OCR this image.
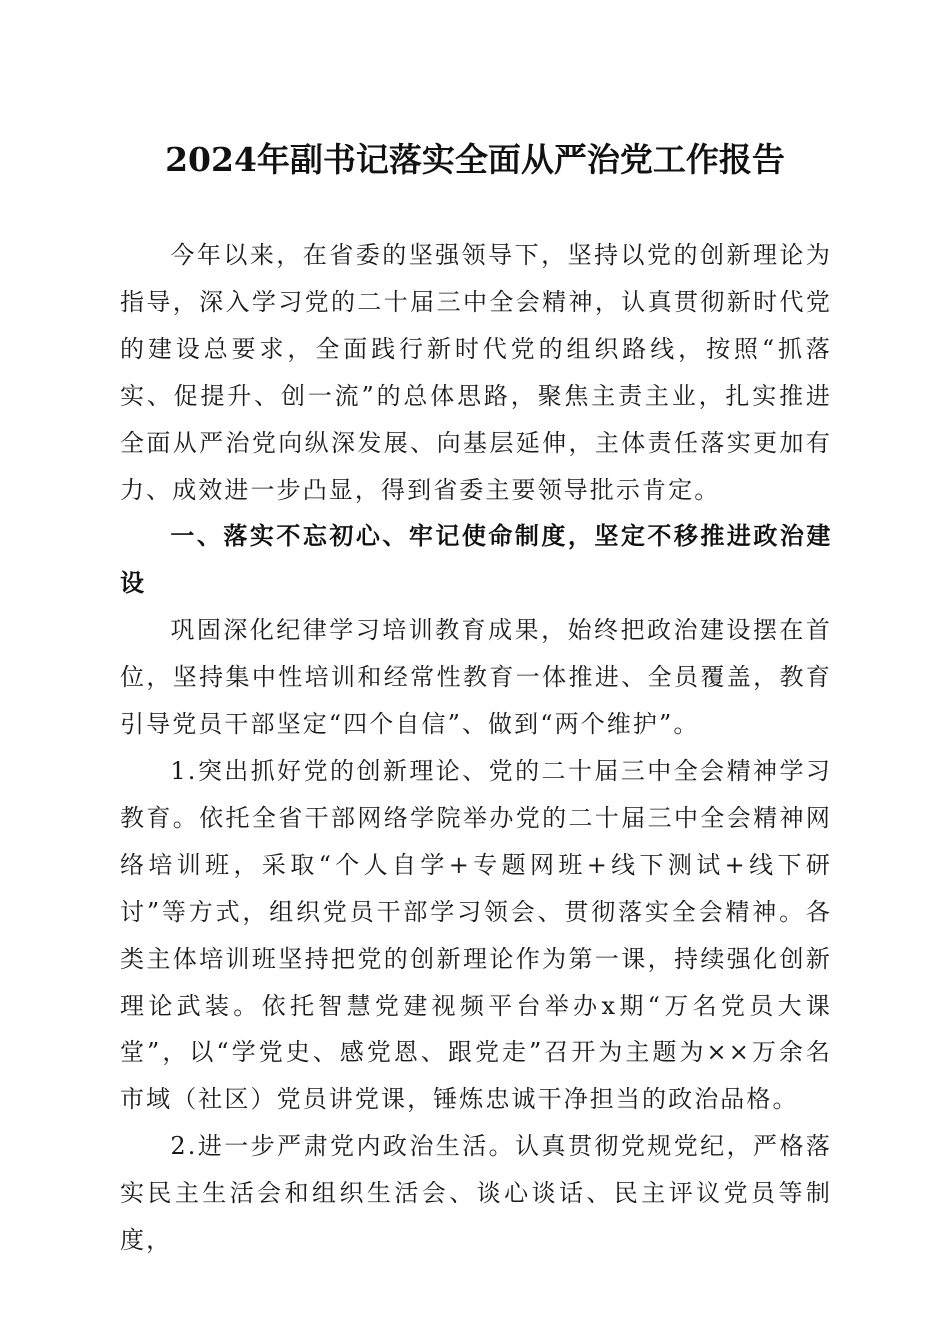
2024年副书记落实全面从严治党工作报告

今年以来，在省委的坚强领导下，坚持以党的创新理论为指导，深入学习党的二十届三中全会精神，认真贯彻新时代党的建设总要求，全面践行新时代党的组织路线，按照“抓落实、促提升、创一流”的总体思路，聚焦主责主业，扎实推进全面从严治党向纵深发展、向基层延伸，主体责任落实更加有力、成效进一步凸显，得到省委主要领导批示肯定。

一、落实不忘初心、牢记使命制度，坚定不移推进政治建设

巩固深化纪律学习培训教育成果，始终把政治建设摆在首位，坚持集中性培训和经常性教育一体推进、全员覆盖，教育引导党员干部坚定“四个自信”、做到“两个维护”。

1.突出抓好党的创新理论、党的二十届三中全会精神学习教育。依托全省干部网络学院举办党的二十届三中全会精神网络培训班，采取“个人自学+专题网班+线下测试+线下研讨”等方式，组织党员干部学习领会、贯彻落实全会精神。各类主体培训班坚持把党的创新理论作为第一课，持续强化创新理论武装。依托智慧党建视频平台举办x期“万名党员大课堂”，以“学党史、感党恩、跟党走”召开为主题为××万余名市域（社区）党员讲党课，锤炼忠诚干净担当的政治品格。

2.进一步严肃党内政治生活。认真贯彻党规党纪，严格落实民主生活会和组织生活会、谈心谈话、民主评议党员等制度，
